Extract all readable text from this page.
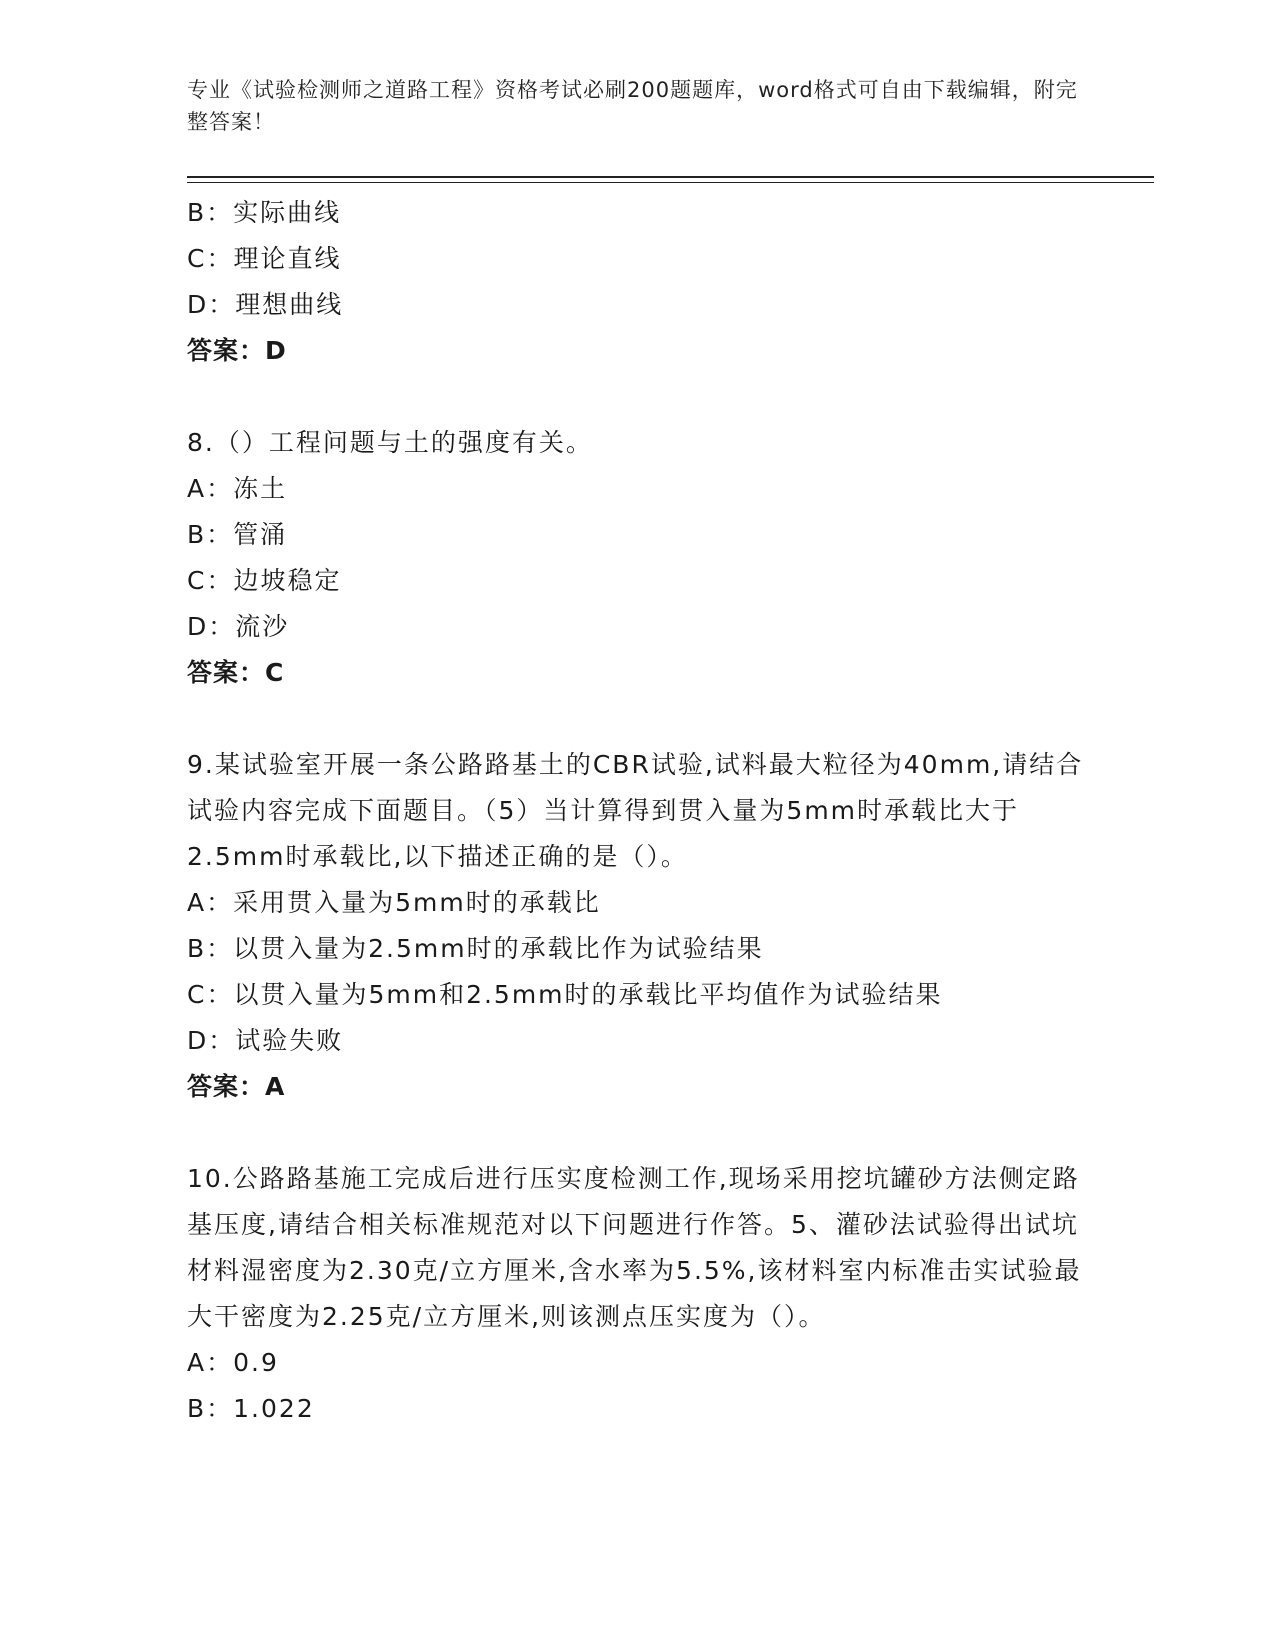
专业《试验检测师之道路工程》资格考试必刷200题题库，word格式可自由下载编辑，附完整答案！
B：实际曲线
C：理论直线
D：理想曲线
答案：D
8.（）工程问题与土的强度有关。
A：冻土
B：管涌
C：边坡稳定
D：流沙
答案：C
9.某试验室开展一条公路路基土的CBR试验,试料最大粒径为40mm,请结合试验内容完成下面题目。（5）当计算得到贯入量为5mm时承载比大于2.5mm时承载比,以下描述正确的是（）。
A：采用贯入量为5mm时的承载比
B：以贯入量为2.5mm时的承载比作为试验结果
C：以贯入量为5mm和2.5mm时的承载比平均值作为试验结果
D：试验失败
答案：A
10.公路路基施工完成后进行压实度检测工作,现场采用挖坑罐砂方法侧定路基压度,请结合相关标准规范对以下问题进行作答。5、灌砂法试验得出试坑材料湿密度为2.30克/立方厘米,含水率为5.5%,该材料室内标准击实试验最大干密度为2.25克/立方厘米,则该测点压实度为（）。
A：0.9
B：1.022
